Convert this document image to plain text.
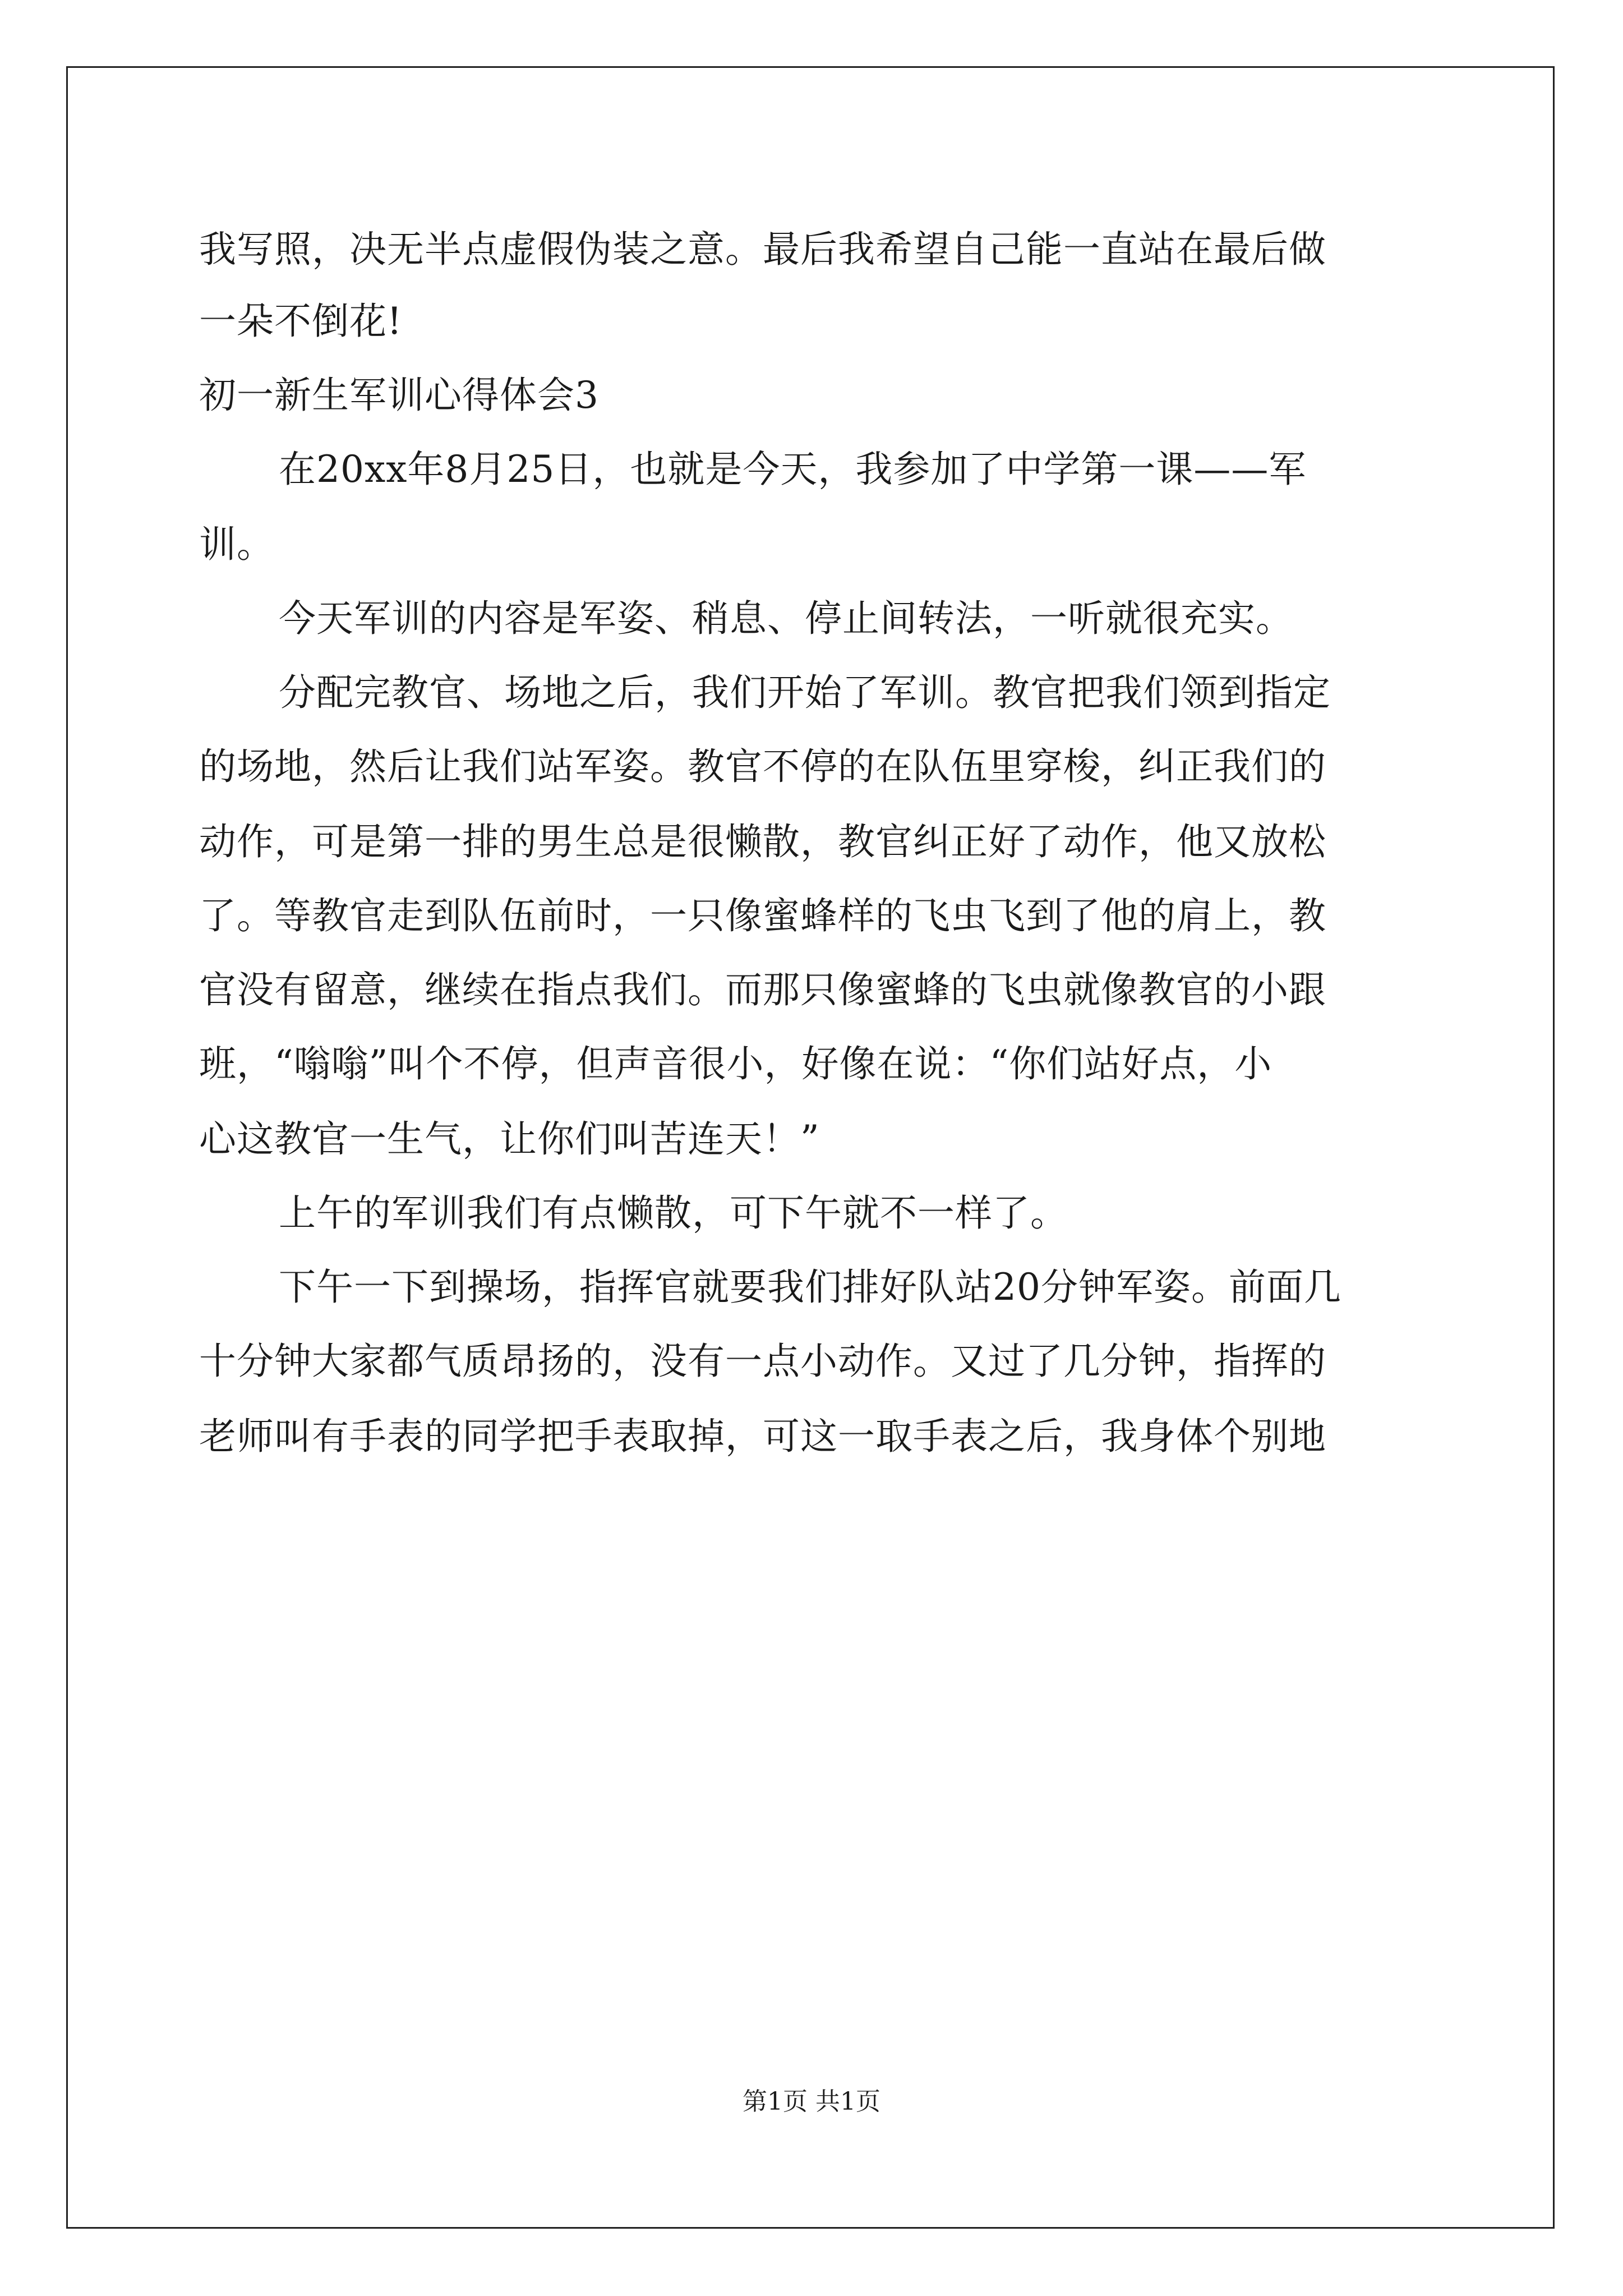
我写照，决无半点虚假伪装之意。最后我希望自己能一直站在最后做
一朵不倒花!
初一新生军训心得体会3
在20xx年8月25日，也就是今天，我参加了中学第一课——军
训。
今天军训的内容是军姿、稍息、停止间转法，一听就很充实。
分配完教官、场地之后，我们开始了军训。教官把我们领到指定
的场地，然后让我们站军姿。教官不停的在队伍里穿梭，纠正我们的
动作，可是第一排的男生总是很懒散，教官纠正好了动作，他又放松
了。等教官走到队伍前时，一只像蜜蜂样的飞虫飞到了他的肩上，教
官没有留意，继续在指点我们。而那只像蜜蜂的飞虫就像教官的小跟
班，“嗡嗡”叫个不停，但声音很小，好像在说：“你们站好点，小
心这教官一生气，让你们叫苦连天！”
上午的军训我们有点懒散，可下午就不一样了。
下午一下到操场，指挥官就要我们排好队站20分钟军姿。前面几
十分钟大家都气质昂扬的，没有一点小动作。又过了几分钟，指挥的
老师叫有手表的同学把手表取掉，可这一取手表之后，我身体个别地
第1页 共1页
